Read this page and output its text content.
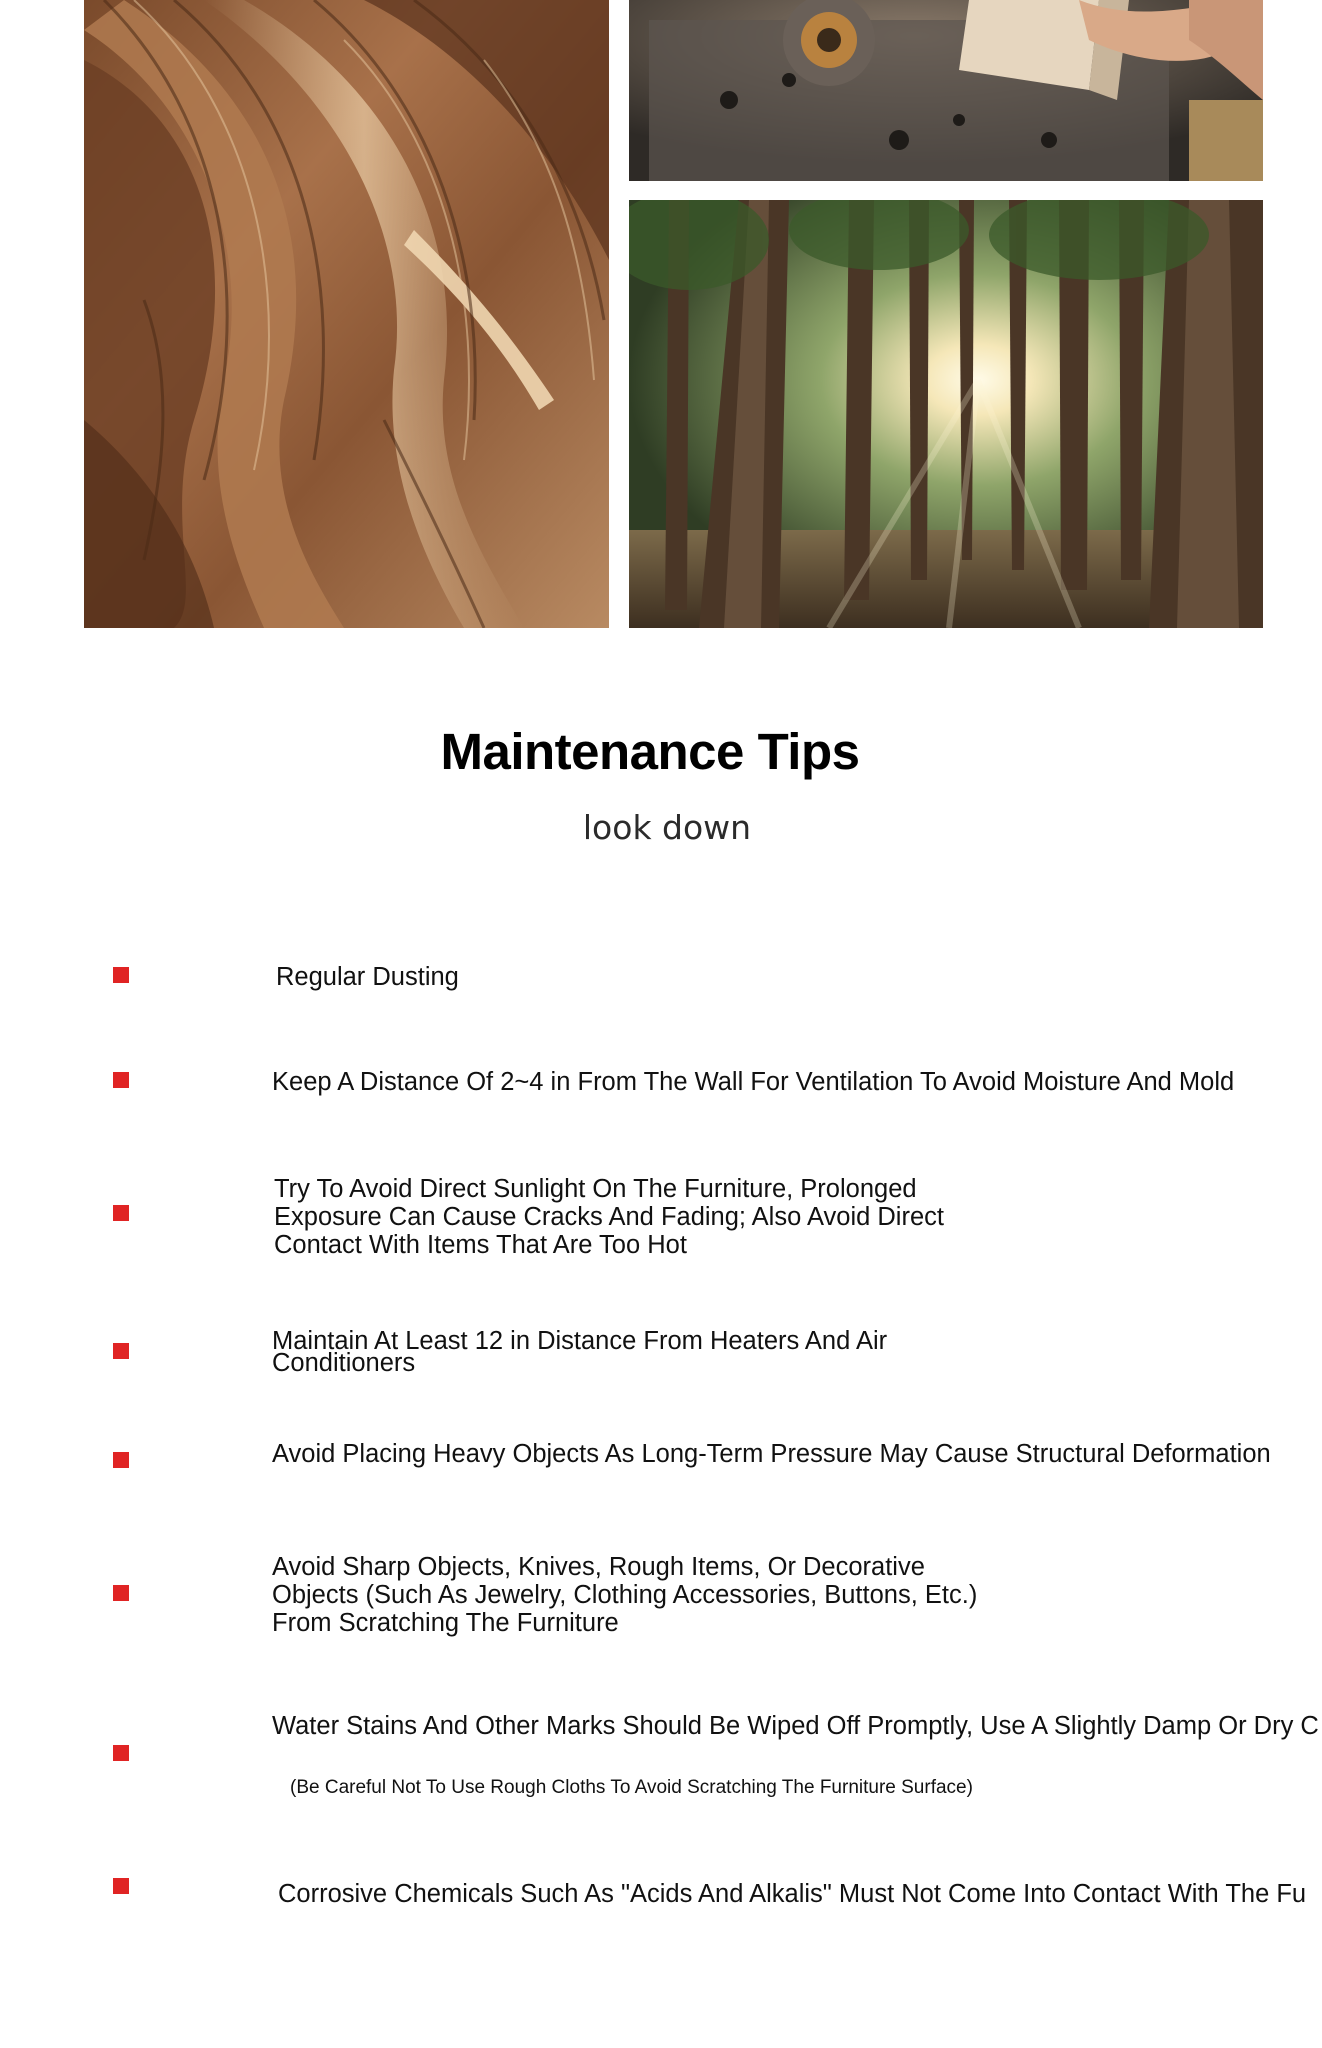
Maintenance Tips

look down

Regular Dusting
Keep A Distance Of 2~4 in From The Wall For Ventilation To Avoid Moisture And Mold
Try To Avoid Direct Sunlight On The Furniture, Prolonged
Exposure Can Cause Cracks And Fading; Also Avoid Direct
Contact With Items That Are Too Hot
Maintain At Least 12 in Distance From Heaters And Air
Conditioners
Avoid Placing Heavy Objects As Long-Term Pressure May Cause Structural Deformation
Avoid Sharp Objects, Knives, Rough Items, Or Decorative
Objects (Such As Jewelry, Clothing Accessories, Buttons, Etc.)
From Scratching The Furniture
Water Stains And Other Marks Should Be Wiped Off Promptly, Use A Slightly Damp Or Dry C
(Be Careful Not To Use Rough Cloths To Avoid Scratching The Furniture Surface)
Corrosive Chemicals Such As "Acids And Alkalis" Must Not Come Into Contact With The Fu
